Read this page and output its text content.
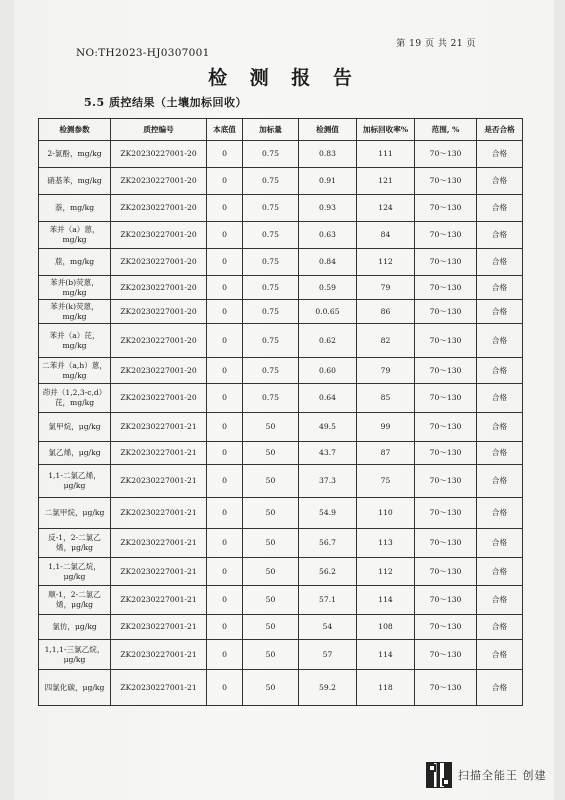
第 19 页 共 21 页
NO:TH2023-HJ0307001
检 测 报 告
5.5 质控结果（土壤加标回收）
检测参数	质控编号	本底值	加标量	检测值	加标回收率%	范围, %	是否合格
2-氯酚，mg/kg	ZK20230227001-20	0	0.75	0.83	111	70～130	合格
硝基苯，mg/kg	ZK20230227001-20	0	0.75	0.91	121	70～130	合格
萘，mg/kg	ZK20230227001-20	0	0.75	0.93	124	70～130	合格
苯并（a）蒽，mg/kg	ZK20230227001-20	0	0.75	0.63	84	70～130	合格
䓛，mg/kg	ZK20230227001-20	0	0.75	0.84	112	70～130	合格
苯并(b)荧蒽，mg/kg	ZK20230227001-20	0	0.75	0.59	79	70～130	合格
苯并(k)荧蒽，mg/kg	ZK20230227001-20	0	0.75	0.0.65	86	70～130	合格
苯并（a）芘，mg/kg	ZK20230227001-20	0	0.75	0.62	82	70～130	合格
二苯并（a,h）蒽，mg/kg	ZK20230227001-20	0	0.75	0.60	79	70～130	合格
茚并（1,2,3-c,d）芘，mg/kg	ZK20230227001-20	0	0.75	0.64	85	70～130	合格
氯甲烷，μg/kg	ZK20230227001-21	0	50	49.5	99	70～130	合格
氯乙烯，μg/kg	ZK20230227001-21	0	50	43.7	87	70～130	合格
1,1-二氯乙烯，μg/kg	ZK20230227001-21	0	50	37.3	75	70～130	合格
二氯甲烷，μg/kg	ZK20230227001-21	0	50	54.9	110	70～130	合格
反-1，2-二氯乙烯，μg/kg	ZK20230227001-21	0	50	56.7	113	70～130	合格
1,1-二氯乙烷，μg/kg	ZK20230227001-21	0	50	56.2	112	70～130	合格
顺-1，2-二氯乙烯，μg/kg	ZK20230227001-21	0	50	57.1	114	70～130	合格
氯仿，μg/kg	ZK20230227001-21	0	50	54	108	70～130	合格
1,1,1-三氯乙烷，μg/kg	ZK20230227001-21	0	50	57	114	70～130	合格
四氯化碳，μg/kg	ZK20230227001-21	0	50	59.2	118	70～130	合格
扫描全能王 创建
